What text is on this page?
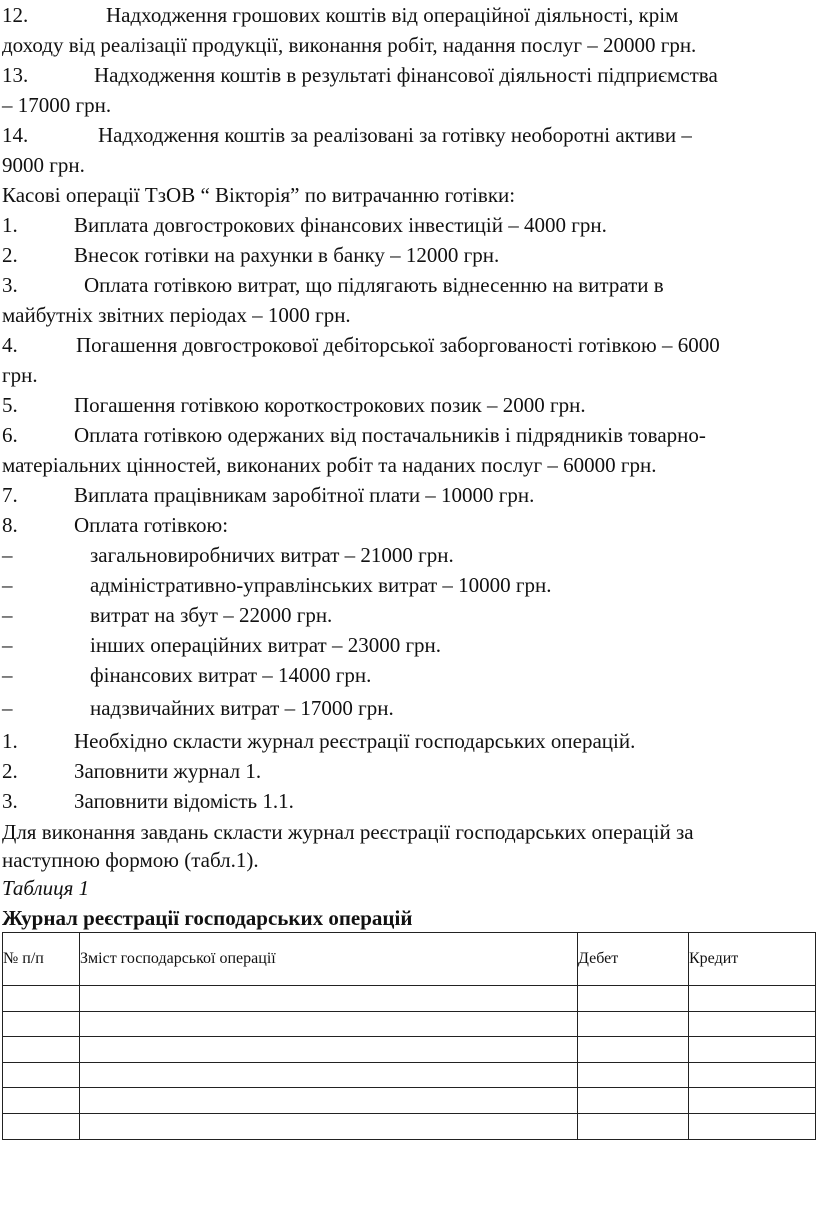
12.	Надходження грошових коштів від операційної діяльності, крім
доходу від реалізації продукції, виконання робіт, надання послуг – 20000 грн.
13.	Надходження коштів в результаті фінансової діяльності підприємства
– 17000 грн.
14.	Надходження коштів за реалізовані за готівку необоротні активи –
9000 грн.
Касові операції ТзОВ “ Вікторія” по витрачанню готівки:
1.	Виплата довгострокових фінансових інвестицій – 4000 грн.
2.	Внесок готівки на рахунки в банку – 12000 грн.
3.	Оплата готівкою витрат, що підлягають віднесенню на витрати в
майбутніх звітних періодах – 1000 грн.
4.	Погашення довгострокової дебіторської заборгованості готівкою – 6000
грн.
5.	Погашення готівкою короткострокових позик – 2000 грн.
6.	Оплата готівкою одержаних від постачальників і підрядників товарно-
матеріальних цінностей, виконаних робіт та наданих послуг – 60000 грн.
7.	Виплата працівникам заробітної плати – 10000 грн.
8.	Оплата готівкою:
–	загальновиробничих витрат – 21000 грн.
–	адміністративно-управлінських витрат – 10000 грн.
–	витрат на збут – 22000 грн.
–	інших операційних витрат – 23000 грн.
–	фінансових витрат – 14000 грн.
–	надзвичайних витрат – 17000 грн.
1.	Необхідно скласти журнал реєстрації господарських операцій.
2.	Заповнити журнал 1.
3.	Заповнити відомість 1.1.
Для виконання завдань скласти журнал реєстрації господарських операцій за
наступною формою (табл.1).
Таблиця 1
Журнал реєстрації господарських операцій
№ п/п	Зміст господарської операції	Дебет	Кредит
